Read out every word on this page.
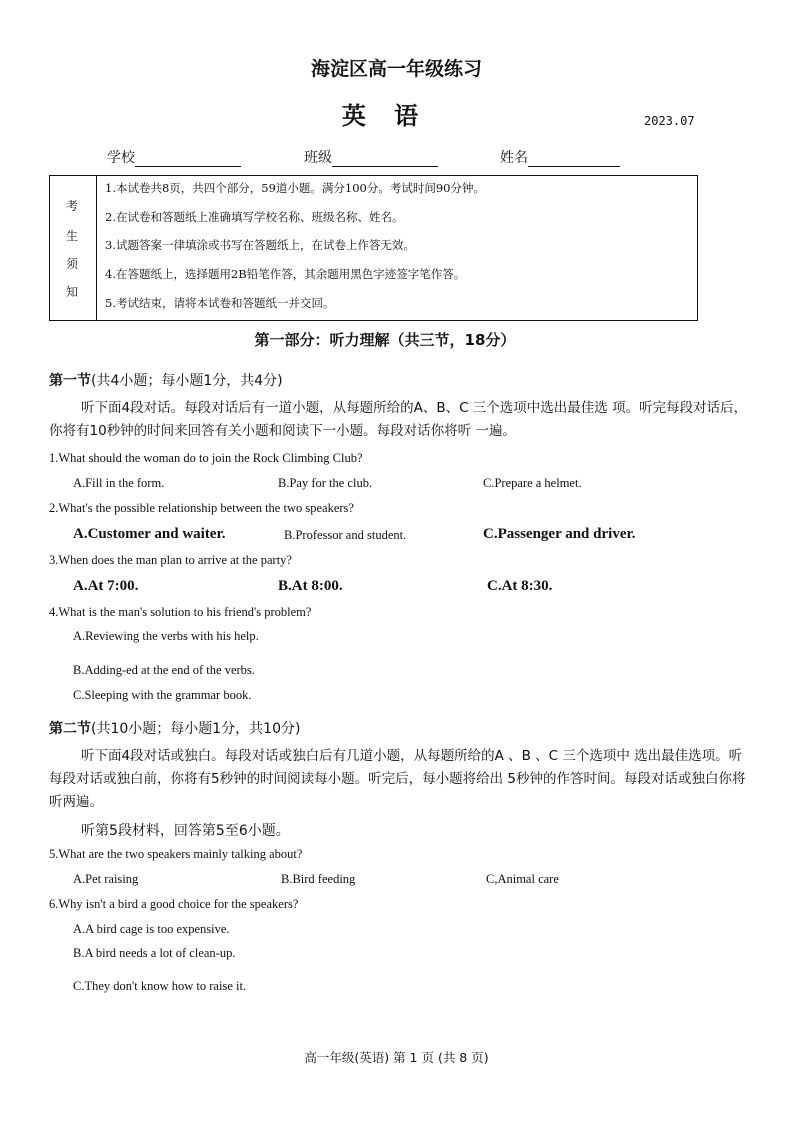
海淀区高一年级练习
英 语	2023.07
学校	班级	姓名
考
生
须
知
1.本试卷共8页，共四个部分，59道小题。满分100分。考试时间90分钟。
2.在试卷和答题纸上准确填写学校名称、班级名称、姓名。
3.试题答案一律填涂或书写在答题纸上，在试卷上作答无效。
4.在答题纸上，选择题用2B铅笔作答，其余题用黑色字迹签字笔作答。
5.考试结束，请将本试卷和答题纸一并交回。
第一部分：听力理解（共三节，18分）
第一节(共4小题；每小题1分，共4分)
听下面4段对话。每段对话后有一道小题，从每题所给的A、B、C 三个选项中选出最佳选 项。听完每段对话后，你将有10秒钟的时间来回答有关小题和阅读下一小题。每段对话你将听 一遍。
1.What should the woman do to join the Rock Climbing Club?
A.Fill in the form.	B.Pay for the club.	C.Prepare a helmet.
2.What's the possible relationship between the two speakers?
A.Customer and waiter.	B.Professor and student.	C.Passenger and driver.
3.When does the man plan to arrive at the party?
A.At 7:00.	B.At 8:00.	C.At 8:30.
4.What is the man's solution to his friend's problem?
A.Reviewing the verbs with his help.
B.Adding-ed at the end of the verbs.
C.Sleeping with the grammar book.
第二节(共10小题；每小题1分，共10分)
听下面4段对话或独白。每段对话或独白后有几道小题，从每题所给的A 、B 、C 三个选项中 选出最佳选项。听每段对话或独白前，你将有5秒钟的时间阅读每小题。听完后，每小题将给出 5秒钟的作答时间。每段对话或独白你将听两遍。
听第5段材料，回答第5至6小题。
5.What are the two speakers mainly talking about?
A.Pet raising	B.Bird feeding	C,Animal care
6.Why isn't a bird a good choice for the speakers?
A.A bird cage is too expensive.
B.A bird needs a lot of clean-up.
C.They don't know how to raise it.
高一年级(英语) 第 1 页 (共 8 页)
